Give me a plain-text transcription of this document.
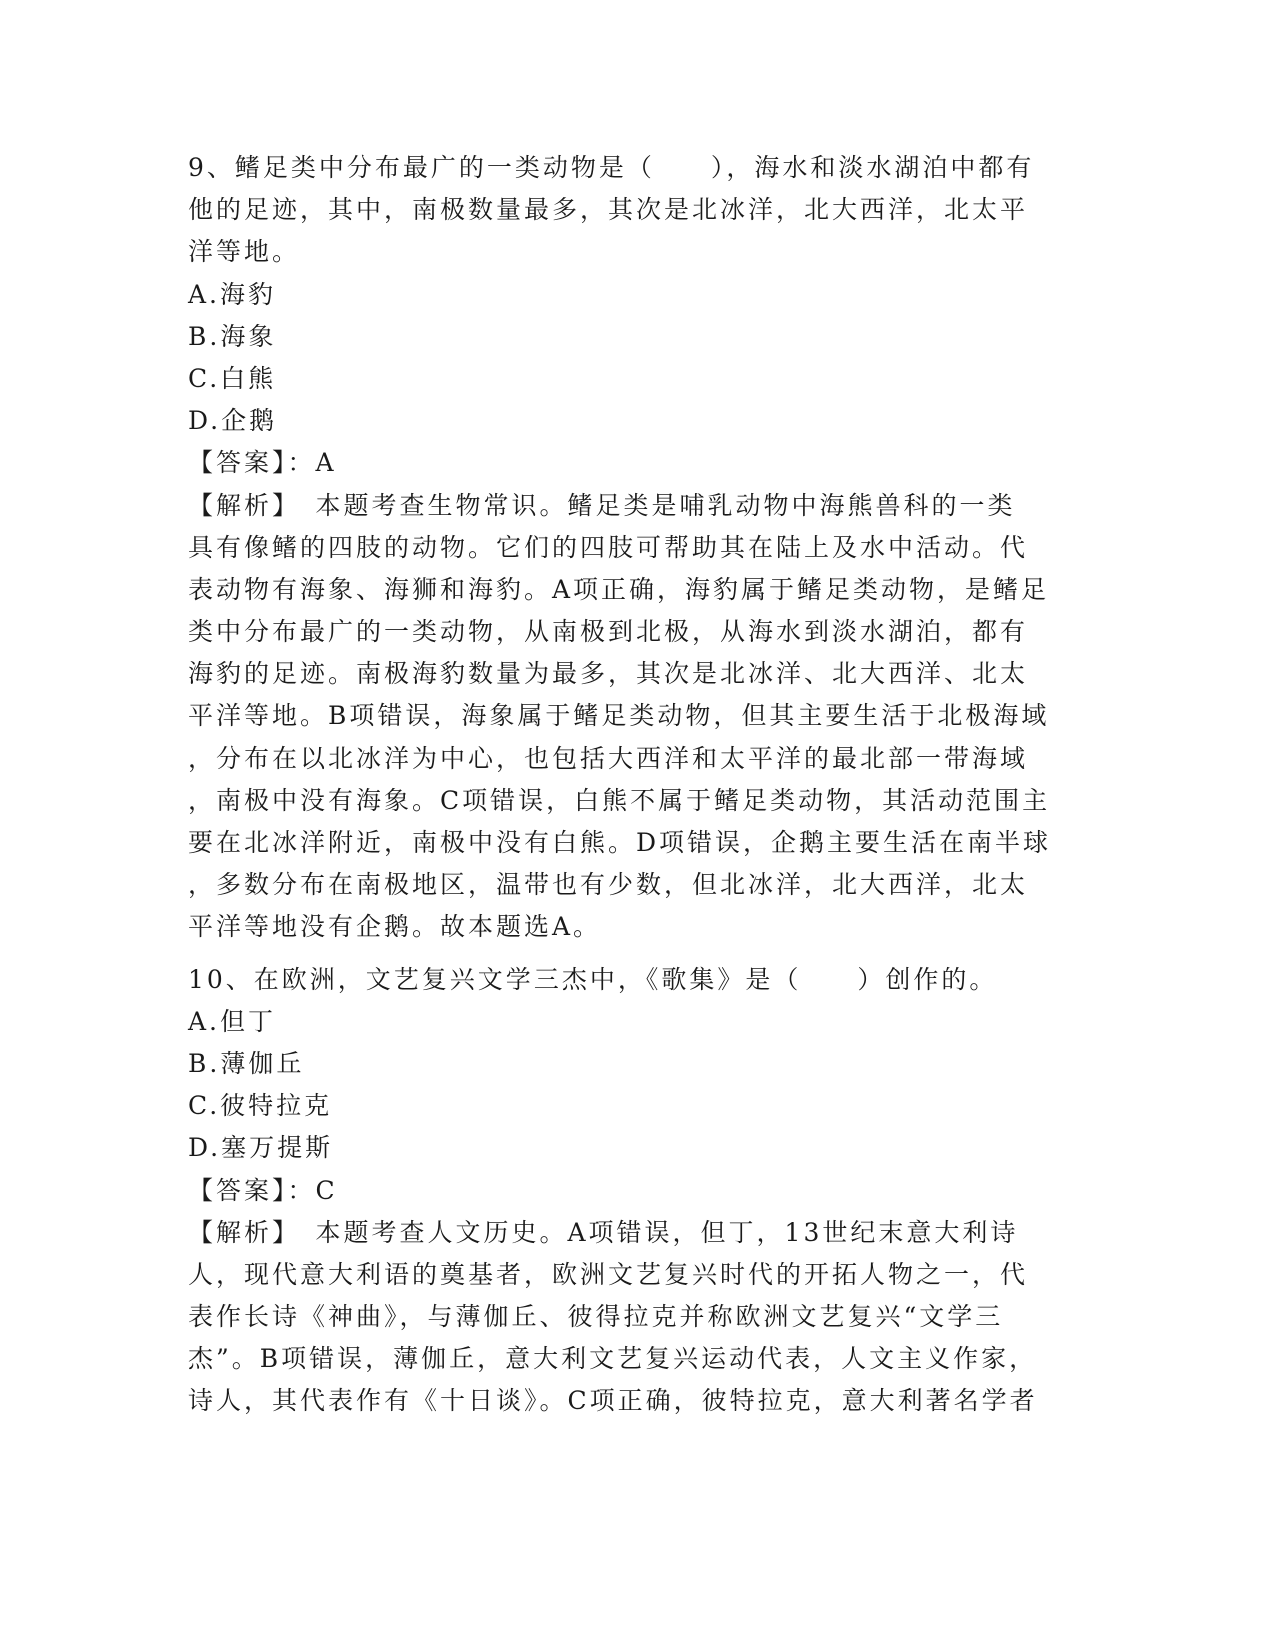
9、鳍足类中分布最广的一类动物是（　　），海水和淡水湖泊中都有
他的足迹，其中，南极数量最多，其次是北冰洋，北大西洋，北太平
洋等地。
A.海豹
B.海象
C.白熊
D.企鹅
【答案】：A
【解析】　本题考查生物常识。鳍足类是哺乳动物中海熊兽科的一类
具有像鳍的四肢的动物。它们的四肢可帮助其在陆上及水中活动。代
表动物有海象、海狮和海豹。A项正确，海豹属于鳍足类动物，是鳍足
类中分布最广的一类动物，从南极到北极，从海水到淡水湖泊，都有
海豹的足迹。南极海豹数量为最多，其次是北冰洋、北大西洋、北太
平洋等地。B项错误，海象属于鳍足类动物，但其主要生活于北极海域
，分布在以北冰洋为中心，也包括大西洋和太平洋的最北部一带海域
，南极中没有海象。C项错误，白熊不属于鳍足类动物，其活动范围主
要在北冰洋附近，南极中没有白熊。D项错误，企鹅主要生活在南半球
，多数分布在南极地区，温带也有少数，但北冰洋，北大西洋，北太
平洋等地没有企鹅。故本题选A。
10、在欧洲，文艺复兴文学三杰中，《歌集》是（　　）创作的。
A.但丁
B.薄伽丘
C.彼特拉克
D.塞万提斯
【答案】：C
【解析】　本题考查人文历史。A项错误，但丁，13世纪末意大利诗
人，现代意大利语的奠基者，欧洲文艺复兴时代的开拓人物之一，代
表作长诗《神曲》，与薄伽丘、彼得拉克并称欧洲文艺复兴“文学三
杰”。B项错误，薄伽丘，意大利文艺复兴运动代表，人文主义作家，
诗人，其代表作有《十日谈》。C项正确，彼特拉克，意大利著名学者
